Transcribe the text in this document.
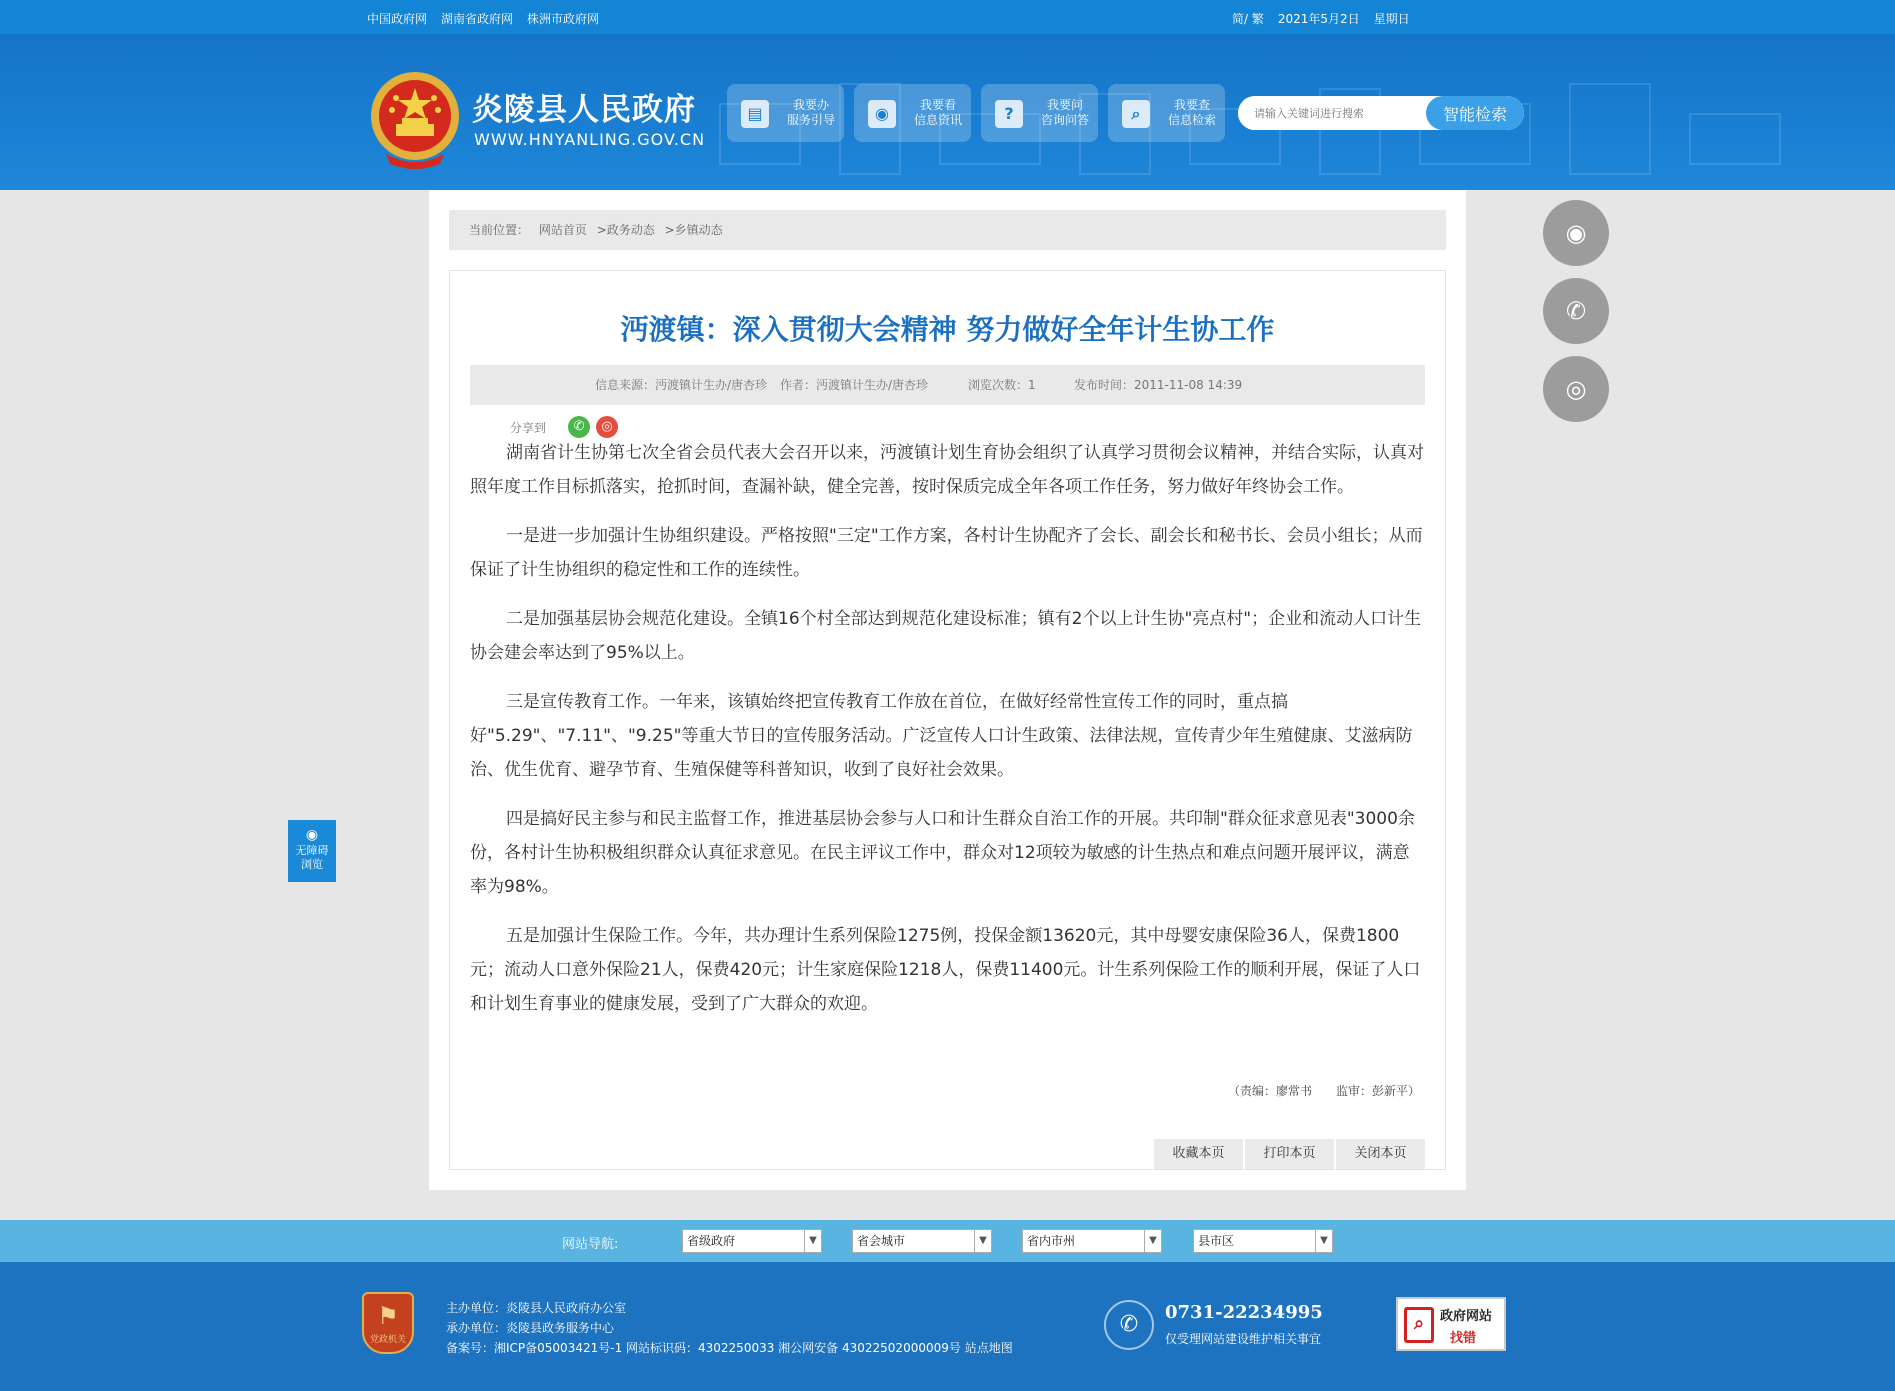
中国政府网 湖南省政府网 株洲市政府网	简/ 繁 2021年5月2日 星期日
炎陵县人民政府
WWW.HNYANLING.GOV.CN
▤	我要办
服务引导	◉	我要看
信息资讯	?	我要问
咨询问答	⌕	我要查
信息检索
请输入关键词进行搜索	智能检索
当前位置： 网站首页 >政务动态 >乡镇动态
沔渡镇：深入贯彻大会精神 努力做好全年计生协工作
信息来源：沔渡镇计生办/唐杏珍 作者：沔渡镇计生办/唐杏珍	浏览次数：1	发布时间：2011-11-08 14:39
分享到	✆	◎

湖南省计生协第七次全省会员代表大会召开以来，沔渡镇计划生育协会组织了认真学习贯彻会议精神，并结合实际，认真对照年度工作目标抓落实，抢抓时间，查漏补缺，健全完善，按时保质完成全年各项工作任务，努力做好年终协会工作。

一是进一步加强计生协组织建设。严格按照"三定"工作方案，各村计生协配齐了会长、副会长和秘书长、会员小组长；从而保证了计生协组织的稳定性和工作的连续性。

二是加强基层协会规范化建设。全镇16个村全部达到规范化建设标准；镇有2个以上计生协"亮点村"；企业和流动人口计生协会建会率达到了95%以上。

三是宣传教育工作。一年来，该镇始终把宣传教育工作放在首位，在做好经常性宣传工作的同时，重点搞好"5.29"、"7.11"、"9.25"等重大节日的宣传服务活动。广泛宣传人口计生政策、法律法规，宣传青少年生殖健康、艾滋病防治、优生优育、避孕节育、生殖保健等科普知识，收到了良好社会效果。

四是搞好民主参与和民主监督工作，推进基层协会参与人口和计生群众自治工作的开展。共印制"群众征求意见表"3000余份，各村计生协积极组织群众认真征求意见。在民主评议工作中，群众对12项较为敏感的计生热点和难点问题开展评议，满意率为98%。

五是加强计生保险工作。今年，共办理计生系列保险1275例，投保金额13620元，其中母婴安康保险36人，保费1800元；流动人口意外保险21人，保费420元；计生家庭保险1218人，保费11400元。计生系列保险工作的顺利开展，保证了人口和计划生育事业的健康发展，受到了广大群众的欢迎。

（责编：廖常书　　监审：彭新平）
收藏本页	打印本页	关闭本页
◉
✆
◎
◉
无障碍
浏览
网站导航:	省级政府	▼	省会城市	▼	省内市州	▼	县市区	▼
⚑
党政机关
主办单位：炎陵县人民政府办公室
承办单位：炎陵县政务服务中心
备案号：湘ICP备05003421号-1 网站标识码：4302250033 湘公网安备 43022502000009号 站点地图
✆	0731-22234995
仅受理网站建设维护相关事宜
⌕	政府网站
找错
